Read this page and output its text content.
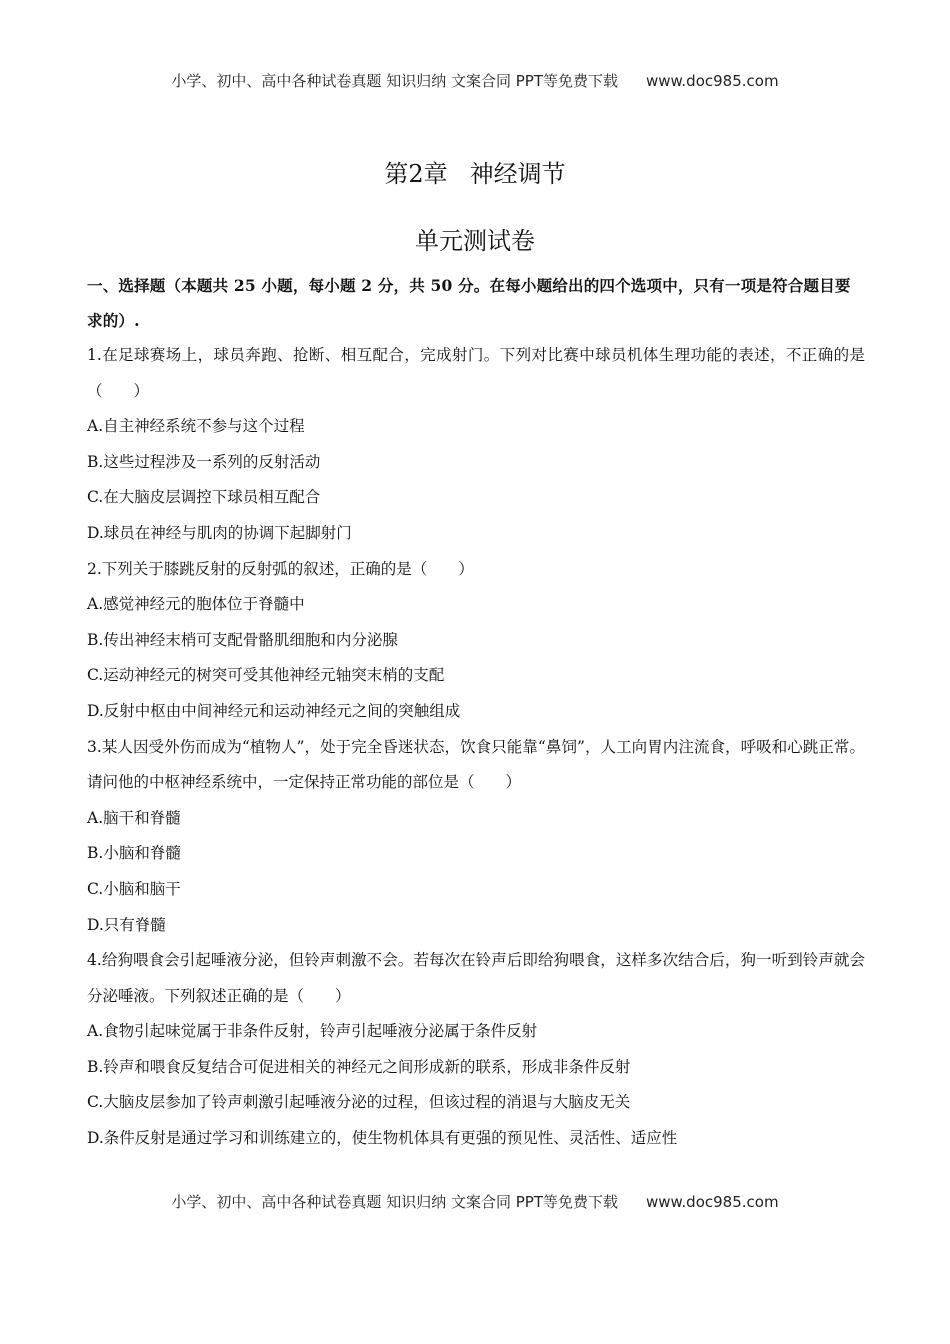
小学、初中、高中各种试卷真题 知识归纳 文案合同 PPT等免费下载 www.doc985.com
第2章 神经调节
单元测试卷

一、选择题（本题共 25 小题，每小题 2 分，共 50 分。在每小题给出的四个选项中，只有一项是符合题目要求的）.

1.在足球赛场上，球员奔跑、抢断、相互配合，完成射门。下列对比赛中球员机体生理功能的表述，不正确的是（　　）

A.自主神经系统不参与这个过程

B.这些过程涉及一系列的反射活动

C.在大脑皮层调控下球员相互配合

D.球员在神经与肌肉的协调下起脚射门

2.下列关于膝跳反射的反射弧的叙述，正确的是（　　）

A.感觉神经元的胞体位于脊髓中

B.传出神经末梢可支配骨骼肌细胞和内分泌腺

C.运动神经元的树突可受其他神经元轴突末梢的支配

D.反射中枢由中间神经元和运动神经元之间的突触组成

3.某人因受外伤而成为“植物人”，处于完全昏迷状态，饮食只能靠“鼻饲”，人工向胃内注流食，呼吸和心跳正常。请问他的中枢神经系统中，一定保持正常功能的部位是（　　）

A.脑干和脊髓

B.小脑和脊髓

C.小脑和脑干

D.只有脊髓

4.给狗喂食会引起唾液分泌，但铃声刺激不会。若每次在铃声后即给狗喂食，这样多次结合后，狗一听到铃声就会分泌唾液。下列叙述正确的是（　　）

A.食物引起味觉属于非条件反射，铃声引起唾液分泌属于条件反射

B.铃声和喂食反复结合可促进相关的神经元之间形成新的联系，形成非条件反射

C.大脑皮层参加了铃声刺激引起唾液分泌的过程，但该过程的消退与大脑皮无关

D.条件反射是通过学习和训练建立的，使生物机体具有更强的预见性、灵活性、适应性

小学、初中、高中各种试卷真题 知识归纳 文案合同 PPT等免费下载 www.doc985.com
